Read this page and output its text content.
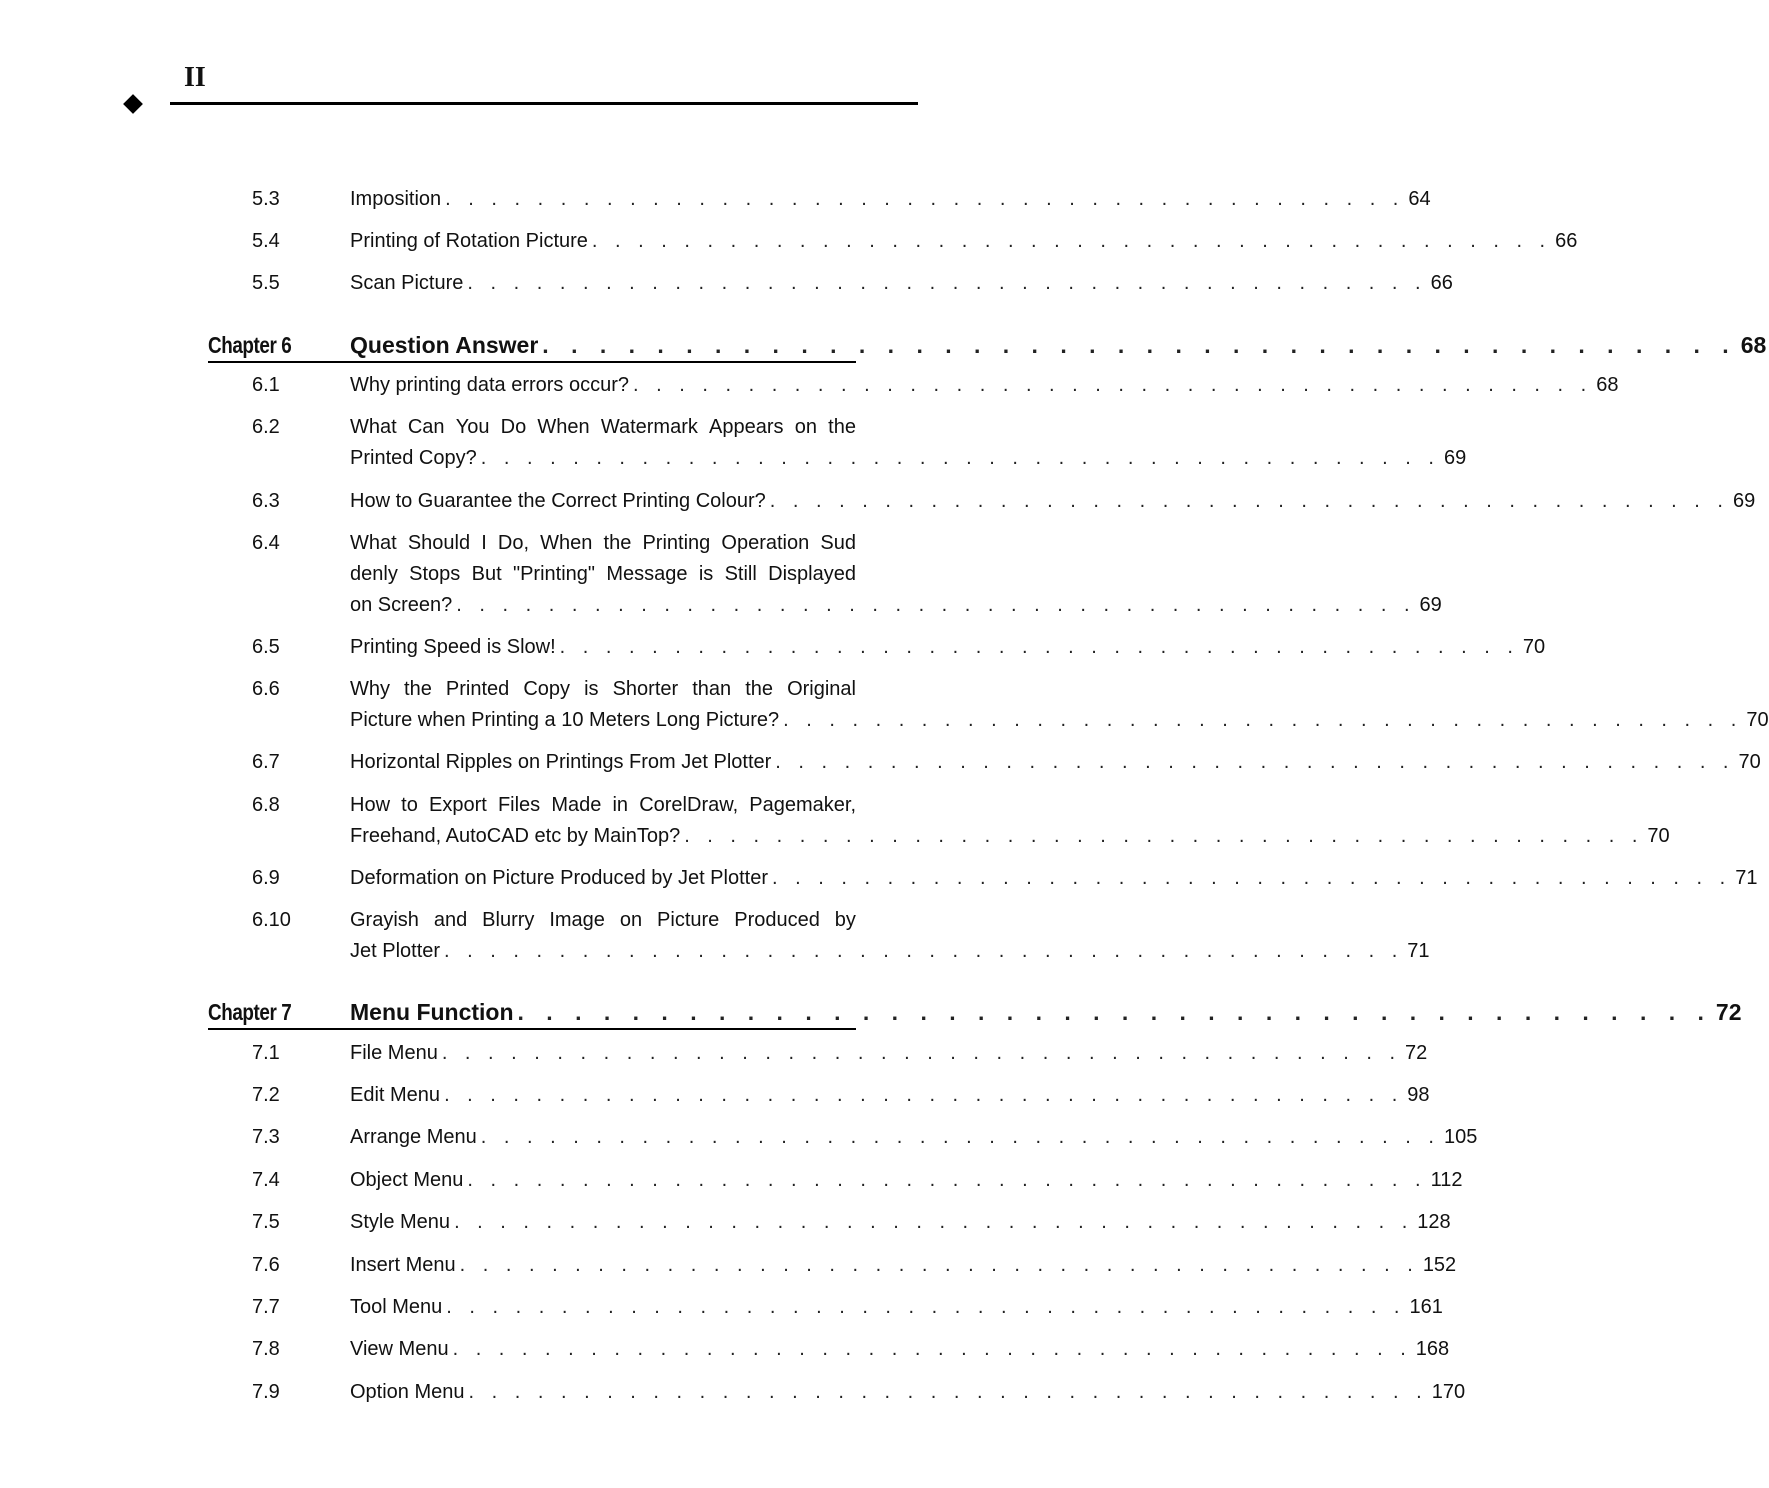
II
5.3	Imposition . . . . . . . . . . . . . . . . . . . . . . . . . . . . . . . . . . . . . . . . . . 64
5.4	Printing of Rotation Picture . . . . . . . . . . . . . . . . . . . . . . . . . . . . . . . . . . . . . . . . . . 66
5.5	Scan Picture . . . . . . . . . . . . . . . . . . . . . . . . . . . . . . . . . . . . . . . . . . 66
Chapter 6	Question Answer . . . . . . . . . . . . . . . . . . . . . . . . . . . . . . . . . . . . . . . . . . 68
6.1	Why printing data errors occur? . . . . . . . . . . . . . . . . . . . . . . . . . . . . . . . . . . . . . . . . . . 68
6.2	What Can You Do When Watermark Appears on the
Printed Copy? . . . . . . . . . . . . . . . . . . . . . . . . . . . . . . . . . . . . . . . . . . 69
6.3	How to Guarantee the Correct Printing Colour? . . . . . . . . . . . . . . . . . . . . . . . . . . . . . . . . . . . . . . . . . . 69
6.4	What Should I Do, When the Printing Operation Sud
denly Stops But "Printing" Message is Still Displayed
on Screen? . . . . . . . . . . . . . . . . . . . . . . . . . . . . . . . . . . . . . . . . . . 69
6.5	Printing Speed is Slow! . . . . . . . . . . . . . . . . . . . . . . . . . . . . . . . . . . . . . . . . . . 70
6.6	Why the Printed Copy is Shorter than the Original
Picture when Printing a 10 Meters Long Picture? . . . . . . . . . . . . . . . . . . . . . . . . . . . . . . . . . . . . . . . . . . 70
6.7	Horizontal Ripples on Printings From Jet Plotter . . . . . . . . . . . . . . . . . . . . . . . . . . . . . . . . . . . . . . . . . . 70
6.8	How to Export Files Made in CorelDraw, Pagemaker,
Freehand, AutoCAD etc by MainTop? . . . . . . . . . . . . . . . . . . . . . . . . . . . . . . . . . . . . . . . . . . 70
6.9	Deformation on Picture Produced by Jet Plotter . . . . . . . . . . . . . . . . . . . . . . . . . . . . . . . . . . . . . . . . . . 71
6.10	Grayish and Blurry Image on Picture Produced by
Jet Plotter . . . . . . . . . . . . . . . . . . . . . . . . . . . . . . . . . . . . . . . . . . 71
Chapter 7	Menu Function . . . . . . . . . . . . . . . . . . . . . . . . . . . . . . . . . . . . . . . . . . 72
7.1	File Menu . . . . . . . . . . . . . . . . . . . . . . . . . . . . . . . . . . . . . . . . . . 72
7.2	Edit Menu . . . . . . . . . . . . . . . . . . . . . . . . . . . . . . . . . . . . . . . . . . 98
7.3	Arrange Menu . . . . . . . . . . . . . . . . . . . . . . . . . . . . . . . . . . . . . . . . . . 105
7.4	Object Menu . . . . . . . . . . . . . . . . . . . . . . . . . . . . . . . . . . . . . . . . . . 112
7.5	Style Menu . . . . . . . . . . . . . . . . . . . . . . . . . . . . . . . . . . . . . . . . . . 128
7.6	Insert Menu . . . . . . . . . . . . . . . . . . . . . . . . . . . . . . . . . . . . . . . . . . 152
7.7	Tool Menu . . . . . . . . . . . . . . . . . . . . . . . . . . . . . . . . . . . . . . . . . . 161
7.8	View Menu . . . . . . . . . . . . . . . . . . . . . . . . . . . . . . . . . . . . . . . . . . 168
7.9	Option Menu . . . . . . . . . . . . . . . . . . . . . . . . . . . . . . . . . . . . . . . . . . 170
